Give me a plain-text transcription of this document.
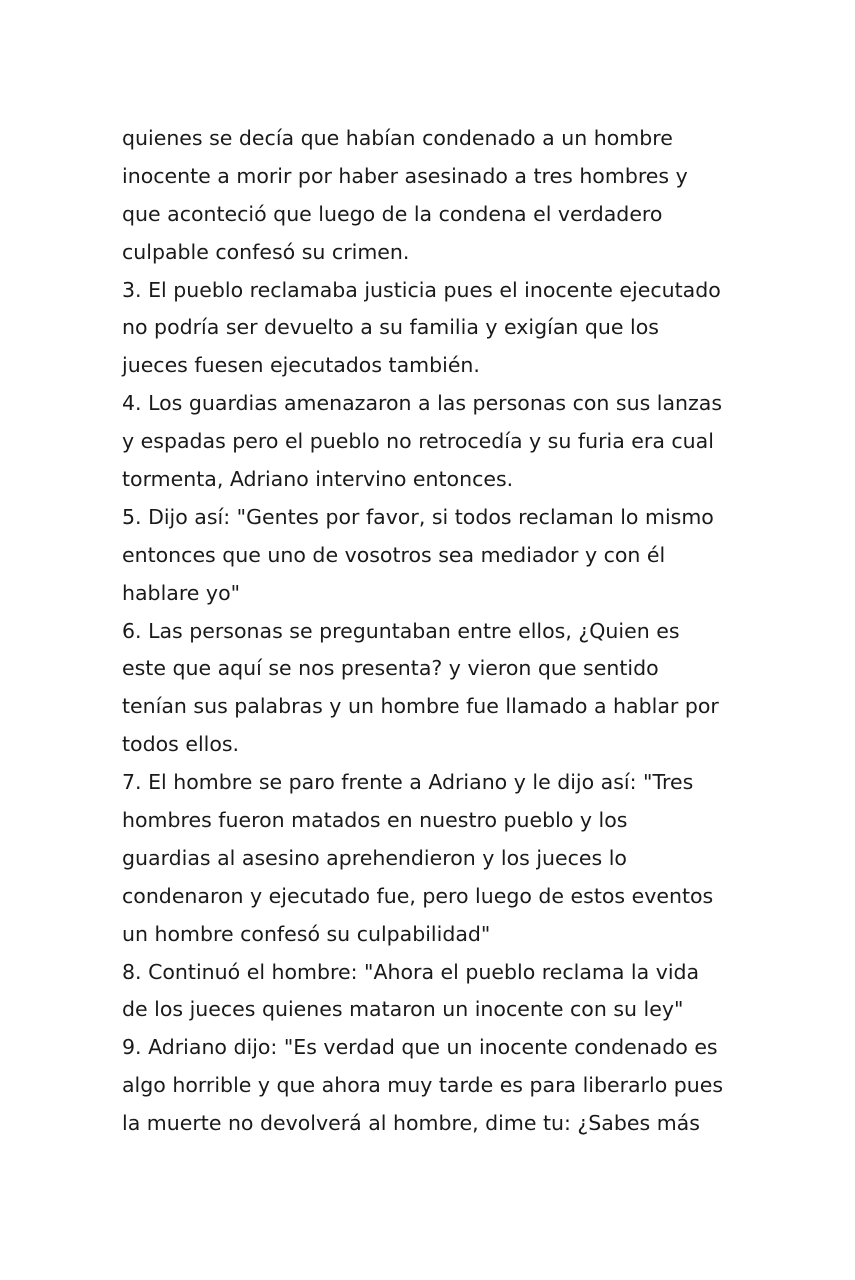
quienes se decía que habían condenado a un hombre
inocente a morir por haber asesinado a tres hombres y
que aconteció que luego de la condena el verdadero
culpable confesó su crimen.
3. El pueblo reclamaba justicia pues el inocente ejecutado
no podría ser devuelto a su familia y exigían que los
jueces fuesen ejecutados también.
4. Los guardias amenazaron a las personas con sus lanzas
y espadas pero el pueblo no retrocedía y su furia era cual
tormenta, Adriano intervino entonces.
5. Dijo así: "Gentes por favor, si todos reclaman lo mismo
entonces que uno de vosotros sea mediador y con él
hablare yo"
6. Las personas se preguntaban entre ellos, ¿Quien es
este que aquí se nos presenta? y vieron que sentido
tenían sus palabras y un hombre fue llamado a hablar por
todos ellos.
7. El hombre se paro frente a Adriano y le dijo así: "Tres
hombres fueron matados en nuestro pueblo y los
guardias al asesino aprehendieron y los jueces lo
condenaron y ejecutado fue, pero luego de estos eventos
un hombre confesó su culpabilidad"
8. Continuó el hombre: "Ahora el pueblo reclama la vida
de los jueces quienes mataron un inocente con su ley"
9. Adriano dijo: "Es verdad que un inocente condenado es
algo horrible y que ahora muy tarde es para liberarlo pues
la muerte no devolverá al hombre, dime tu: ¿Sabes más
